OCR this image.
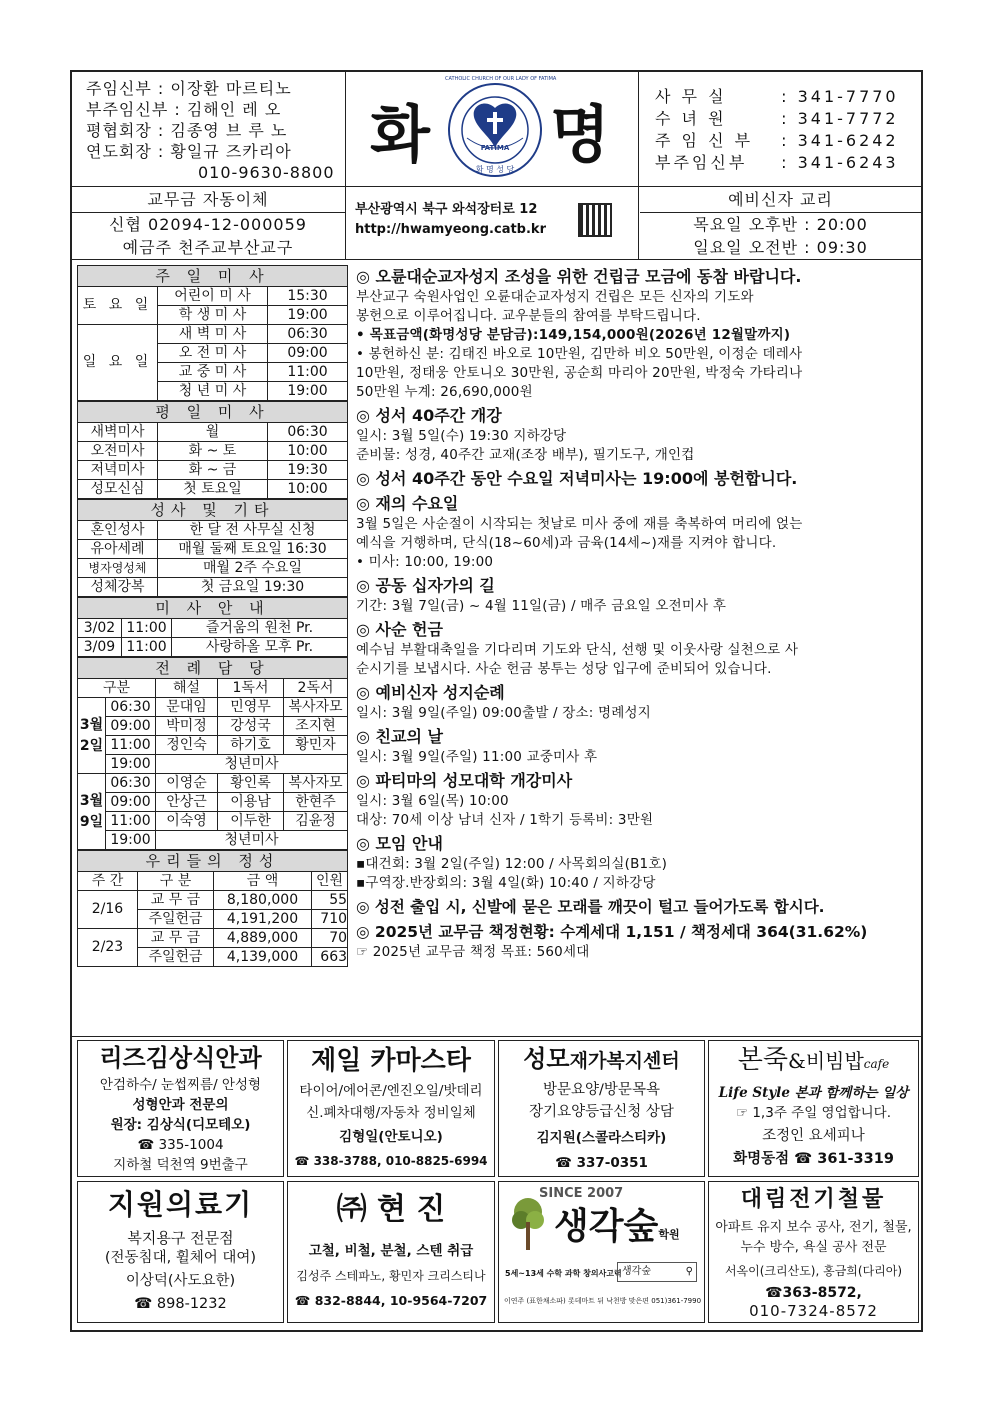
주임신부 : 이장환 마르티노
부주임신부 : 김해인 레 오
평협회장 : 김종영 브 루 노
연도회장 : 황일규 즈카리아
010-9630-8800
화 명
CATHOLIC CHURCH OF OUR LADY OF FATIMA
FATIMA
화 명 성 당
사 무 실	: 341-7770
수 녀 원	: 341-7772
주 임 신 부 : 341-6242
부주임신부 : 341-6243
교무금 자동이체
신협 02094-12-000059
예금주 천주교부산교구
부산광역시 북구 와석장터로 12
http://hwamyeong.catb.kr
예비신자 교리
목요일 오후반 : 20:00
일요일 오전반 : 09:30
주 일 미 사		
토 요 일	어린이 미 사	15:30
	학 생 미 사	19:00
일 요 일	새 벽 미 사	06:30
	오 전 미 사	09:00
	교 중 미 사	11:00
	청 년 미 사	19:00
평 일 미 사		
새벽미사	월	06:30
오전미사	화 ~ 토	10:00
저녁미사	화 ~ 금	19:30
성모신심	첫 토요일	10:00
성사 및 기타	
혼인성사	한 달 전 사무실 신청
유아세례	매월 둘째 토요일 16:30
병자영성체	매월 2주 수요일
성체강복	첫 금요일 19:30
미 사 안 내		
3/02	11:00	즐거움의 원천 Pr.
3/09	11:00	사랑하올 모후 Pr.
전 례 담 당				
구분		해설	1독서	2독서
3월2일	06:30	문대임	민영무	복사자모
	09:00	박미정	강성국	조지현
	11:00	정인숙	하기호	황민자
	19:00	청년미사		
3월9일	06:30	이영순	황인록	복사자모
	09:00	안상근	이용남	한현주
	11:00	이숙영	이두한	김윤정
	19:00	청년미사		
우리들의 정성			
주 간	구 분	금 액	인원
2/16	교 무 금	8,180,000	55
	주일헌금	4,191,200	710
2/23	교 무 금	4,889,000	70
	주일헌금	4,139,000	663
◎ 오륜대순교자성지 조성을 위한 건립금 모금에 동참 바랍니다.
부산교구 숙원사업인 오륜대순교자성지 건립은 모든 신자의 기도와
봉헌으로 이루어집니다. 교우분들의 참여를 부탁드립니다.
• 목표금액(화명성당 분담금):149,154,000원(2026년 12월말까지)
• 봉헌하신 분: 김태진 바오로 10만원, 김만하 비오 50만원, 이정순 데레사
10만원, 정태웅 안토니오 30만원, 공순희 마리아 20만원, 박정숙 가타리나
50만원 누계: 26,690,000원
◎ 성서 40주간 개강
일시: 3월 5일(수) 19:30 지하강당
준비물: 성경, 40주간 교재(조장 배부), 필기도구, 개인컵
◎ 성서 40주간 동안 수요일 저녁미사는 19:00에 봉헌합니다.
◎ 재의 수요일
3월 5일은 사순절이 시작되는 첫날로 미사 중에 재를 축복하여 머리에 얹는
예식을 거행하며, 단식(18~60세)과 금육(14세~)재를 지켜야 합니다.
• 미사: 10:00, 19:00
◎ 공동 십자가의 길
기간: 3월 7일(금) ~ 4월 11일(금) / 매주 금요일 오전미사 후
◎ 사순 헌금
예수님 부활대축일을 기다리며 기도와 단식, 선행 및 이웃사랑 실천으로 사
순시기를 보냅시다. 사순 헌금 봉투는 성당 입구에 준비되어 있습니다.
◎ 예비신자 성지순례
일시: 3월 9일(주일) 09:00출발 / 장소: 명례성지
◎ 친교의 날
일시: 3월 9일(주일) 11:00 교중미사 후
◎ 파티마의 성모대학 개강미사
일시: 3월 6일(목) 10:00
대상: 70세 이상 남녀 신자 / 1학기 등록비: 3만원
◎ 모임 안내
▪대건회: 3월 2일(주일) 12:00 / 사목회의실(B1호)
▪구역장.반장회의: 3월 4일(화) 10:40 / 지하강당
◎ 성전 출입 시, 신발에 묻은 모래를 깨끗이 털고 들어가도록 합시다.
◎ 2025년 교무금 책정현황: 수계세대 1,151 / 책정세대 364(31.62%)
☞ 2025년 교무금 책정 목표: 560세대
리즈김상식안과
안검하수/ 눈썹찌름/ 안성형
성형안과 전문의
원장: 김상식(디모테오)
☎ 335-1004
지하철 덕천역 9번출구
제일 카마스타
타이어/에어콘/엔진오일/밧데리
신.폐차대행/자동차 정비일체
김형일(안토니오)
☎ 338-3788, 010-8825-6994
성모재가복지센터
방문요양/방문목욕
장기요양등급신청 상담
김지원(스콜라스티카)
☎ 337-0351
본죽&비빔밥cafe
Life Style 본과 함께하는 일상
☞ 1,3주 주일 영업합니다.
조정인 요세피나
화명동점 ☎ 361-3319
지원의료기
복지용구 전문점
(전동침대, 휠체어 대여)
이상덕(사도요한)
☎ 898-1232
㈜ 현 진
고철, 비철, 분철, 스텐 취급
김성주 스테파노, 황민자 크리스티나
☎ 832-8844, 10-9564-7207
SINCE 2007
생각숲학원
5세~13세 수학 과학 창의사고력 생각숲	⚲
이연주 (표한채소파) 롯데마트 뒤 낙천방 맞은편 051)361-7990
대림전기철물
아파트 유지 보수 공사, 전기, 철물,
누수 방수, 욕실 공사 전문
서옥이(크리산도), 홍금희(다리아)
☎363-8572,
010-7324-8572
